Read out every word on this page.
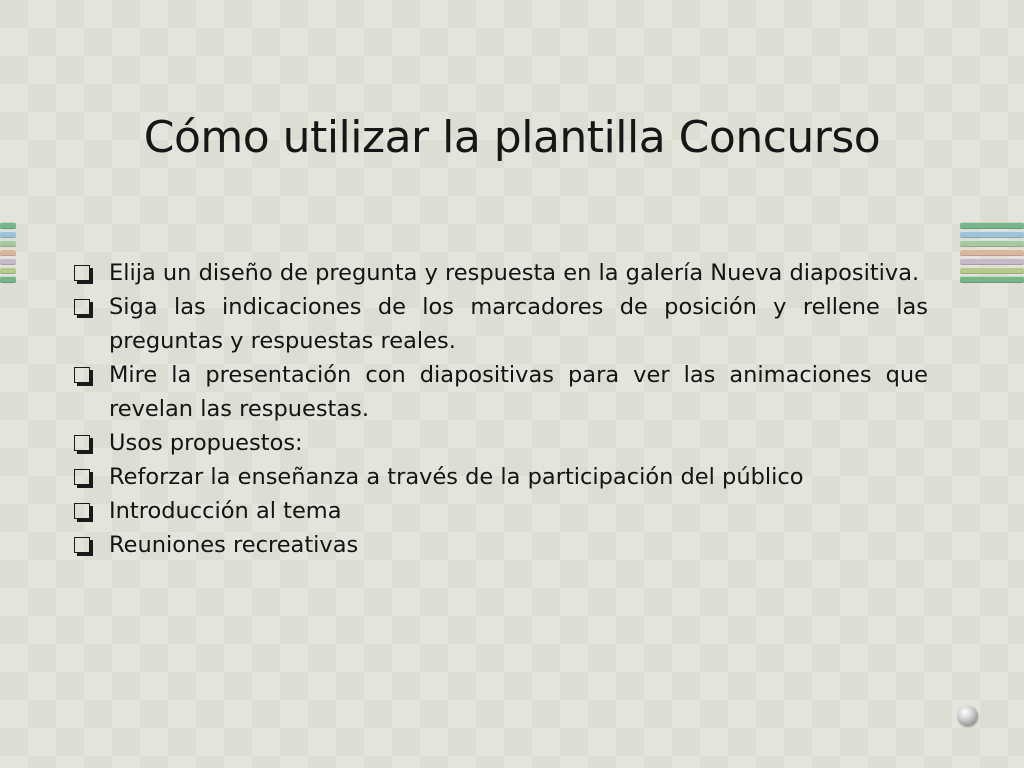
Cómo utilizar la plantilla Concurso
Elija un diseño de pregunta y respuesta en la galería Nueva diapositiva.
Siga las indicaciones de los marcadores de posición y rellene las preguntas y respuestas reales.
Mire la presentación con diapositivas para ver las animaciones que revelan las respuestas.
Usos propuestos:
Reforzar la enseñanza a través de la participación del público
Introducción al tema
Reuniones recreativas
